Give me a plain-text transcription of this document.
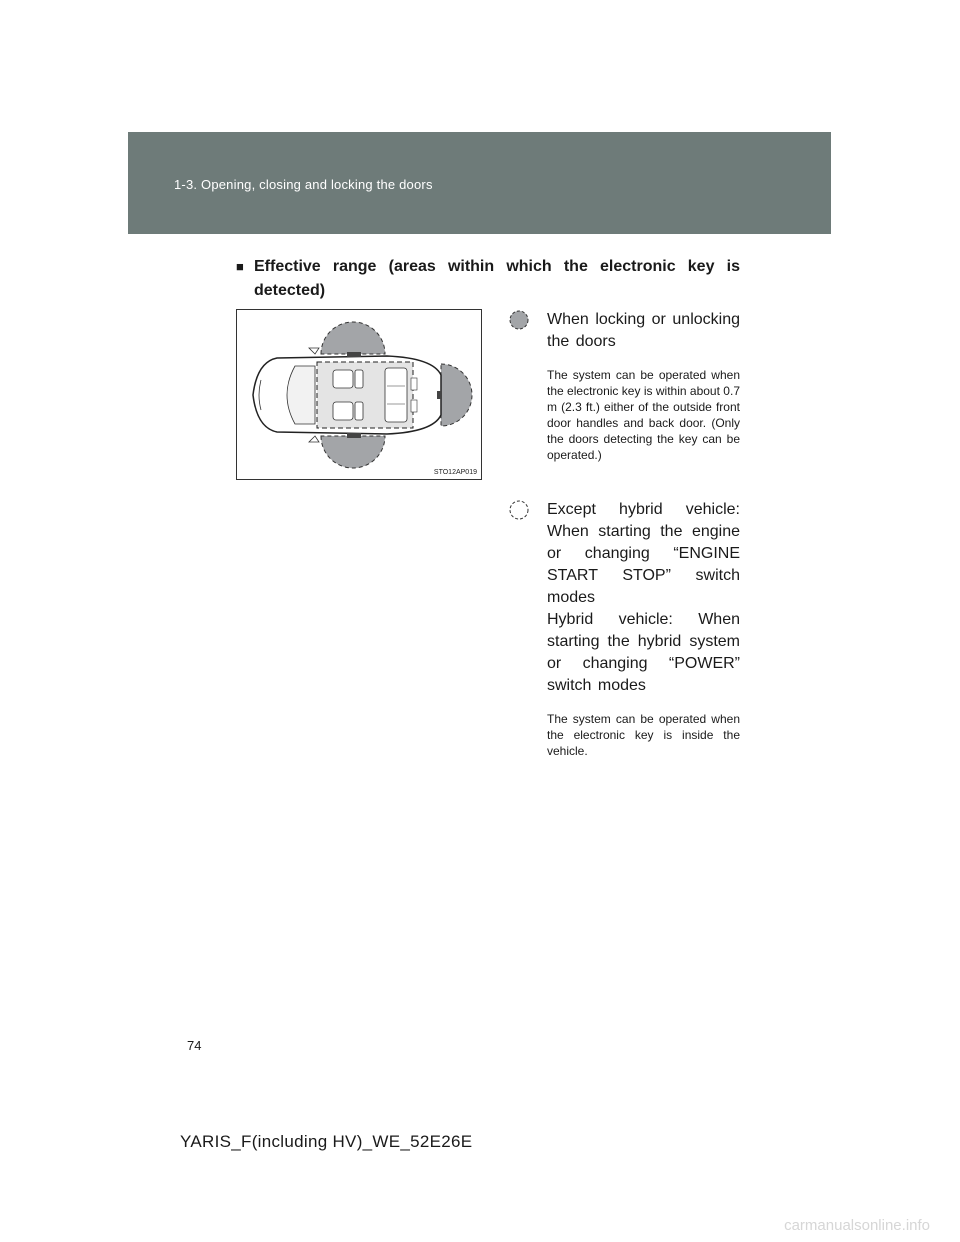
1-3. Opening, closing and locking the doors
■ Effective range (areas within which the electronic key is detected)
STO12AP019

When locking or unlocking the doors

The system can be operated when the electronic key is within about 0.7 m (2.3 ft.) either of the outside front door handles and back door. (Only the doors detecting the key can be operated.)

Except hybrid vehicle: When starting the engine or changing “ENGINE START STOP” switch modes

Hybrid vehicle: When starting the hybrid system or changing “POWER” switch modes

The system can be operated when the electronic key is inside the vehicle.
74
YARIS_F(including HV)_WE_52E26E
carmanualsonline.info
